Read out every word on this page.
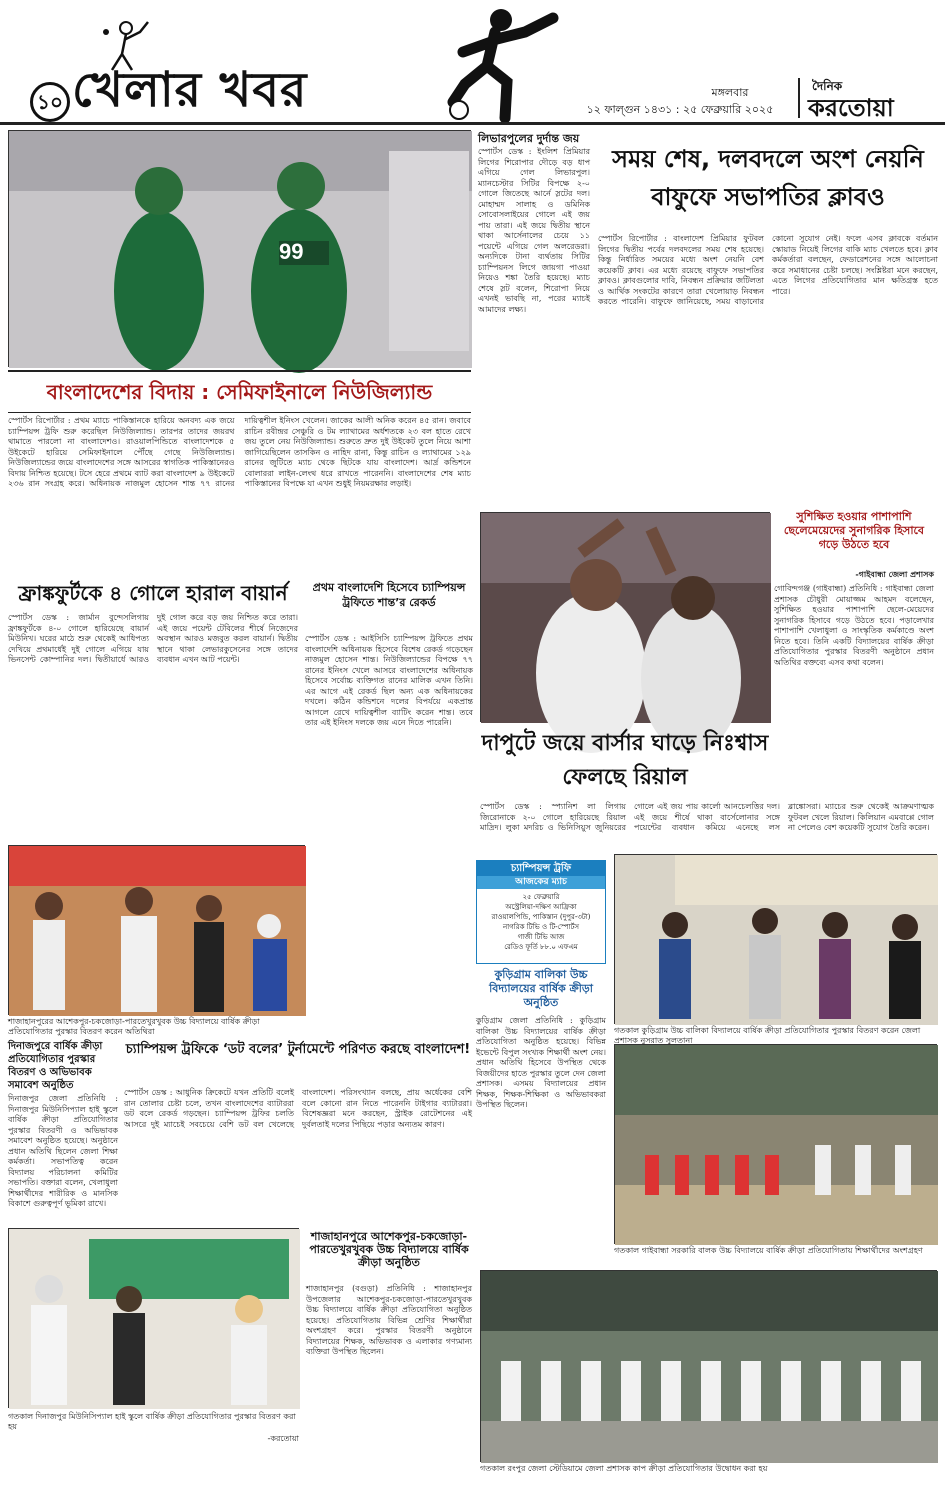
১০ খেলার খবর	মঙ্গলবার
১২ ফাল্গুন ১৪৩১ : ২৫ ফেব্রুয়ারি ২০২৫
দৈনিক
করতোয়া
99
বাংলাদেশের বিদায় : সেমিফাইনালে নিউজিল্যান্ড
স্পোর্টস রিপোর্টার : প্রথম ম্যাচে পাকিস্তানকে হারিয়ে অনবদ্য এক জয়ে চ্যাম্পিয়ন্স ট্রফি শুরু করেছিল নিউজিল্যান্ড। তারপর তাদের জয়রথ থামাতে পারলো না বাংলাদেশও। রাওয়ালপিন্ডিতে বাংলাদেশকে ৫ উইকেটে হারিয়ে সেমিফাইনালে পৌঁছে গেছে নিউজিল্যান্ড। নিউজিল্যান্ডের জয়ে বাংলাদেশের সঙ্গে আসরের স্বাগতিক পাকিস্তানেরও বিদায় নিশ্চিত হয়েছে। টসে হেরে প্রথমে ব্যাট করা বাংলাদেশ ৯ উইকেটে ২৩৬ রান সংগ্রহ করে। অধিনায়ক নাজমুল হোসেন শান্ত ৭৭ রানের দায়িত্বশীল ইনিংস খেলেন। জাকের আলী অনিক করেন ৪৫ রান। জবাবে রাচিন রবীন্দ্রর সেঞ্চুরি ও টম ল্যাথামের অর্ধশতকে ২৩ বল হাতে রেখে জয় তুলে নেয় নিউজিল্যান্ড। শুরুতে দ্রুত দুই উইকেট তুলে নিয়ে আশা জাগিয়েছিলেন তাসকিন ও নাহিদ রানা, কিন্তু রাচিন ও ল্যাথামের ১২৯ রানের জুটিতে ম্যাচ থেকে ছিটকে যায় বাংলাদেশ। আর্দ্র কন্ডিশনে বোলাররা লাইন-লেংথ ধরে রাখতে পারেননি। বাংলাদেশের শেষ ম্যাচ পাকিস্তানের বিপক্ষে যা এখন শুধুই নিয়মরক্ষার লড়াই।
লিভারপুলের দুর্দান্ত জয়
স্পোর্টস ডেস্ক : ইংলিশ প্রিমিয়ার লিগের শিরোপার দৌড়ে বড় ধাপ এগিয়ে গেল লিভারপুল। ম্যানচেস্টার সিটির বিপক্ষে ২-০ গোলে জিতেছে আর্নে স্লটের দল। মোহাম্মদ সালাহ ও ডমিনিক সোবোসলাইয়ের গোলে এই জয় পায় তারা। এই জয়ে দ্বিতীয় স্থানে থাকা আর্সেনালের চেয়ে ১১ পয়েন্টে এগিয়ে গেল অলরেডরা। অন্যদিকে টানা ব্যর্থতায় সিটির চ্যাম্পিয়নস লিগে জায়গা পাওয়া নিয়েও শঙ্কা তৈরি হয়েছে। ম্যাচ শেষে স্লট বলেন, শিরোপা নিয়ে এখনই ভাবছি না, পরের ম্যাচই আমাদের লক্ষ্য।
সময় শেষ, দলবদলে অংশ নেয়নি বাফুফে সভাপতির ক্লাবও
স্পোর্টস রিপোর্টার : বাংলাদেশ প্রিমিয়ার ফুটবল লিগের দ্বিতীয় পর্বের দলবদলের সময় শেষ হয়েছে। কিন্তু নির্ধারিত সময়ের মধ্যে অংশ নেয়নি বেশ কয়েকটি ক্লাব। এর মধ্যে রয়েছে বাফুফে সভাপতির ক্লাবও। ক্লাবগুলোর দাবি, নিবন্ধন প্রক্রিয়ার জটিলতা ও আর্থিক সংকটের কারণে তারা খেলোয়াড় নিবন্ধন করতে পারেনি। বাফুফে জানিয়েছে, সময় বাড়ানোর কোনো সুযোগ নেই। ফলে এসব ক্লাবকে বর্তমান স্কোয়াড নিয়েই লিগের বাকি ম্যাচ খেলতে হবে। ক্লাব কর্মকর্তারা বলছেন, ফেডারেশনের সঙ্গে আলোচনা করে সমাধানের চেষ্টা চলছে। সংশ্লিষ্টরা মনে করছেন, এতে লিগের প্রতিযোগিতার মান ক্ষতিগ্রস্ত হতে পারে।
সুশিক্ষিত হওয়ার পাশাপাশি ছেলেমেয়েদের সুনাগরিক হিসাবে গড়ে উঠতে হবে
-গাইবান্ধা জেলা প্রশাসক
গোবিন্দগঞ্জ (গাইবান্ধা) প্রতিনিধি : গাইবান্ধা জেলা প্রশাসক চৌধুরী মোয়াজ্জম আহমদ বলেছেন, সুশিক্ষিত হওয়ার পাশাপাশি ছেলে-মেয়েদের সুনাগরিক হিসাবে গড়ে উঠতে হবে। পড়ালেখার পাশাপাশি খেলাধুলা ও সাংস্কৃতিক কর্মকাণ্ডে অংশ নিতে হবে। তিনি একটি বিদ্যালয়ের বার্ষিক ক্রীড়া প্রতিযোগিতার পুরস্কার বিতরণী অনুষ্ঠানে প্রধান অতিথির বক্তব্যে এসব কথা বলেন।
ফ্রাঙ্কফুর্টকে ৪ গোলে হারাল বায়ার্ন
স্পোর্টস ডেস্ক : জার্মান বুন্দেসলিগায় ফ্রাঙ্কফুর্টকে ৪-০ গোলে হারিয়েছে বায়ার্ন মিউনিখ। ঘরের মাঠে শুরু থেকেই আধিপত্য দেখিয়ে প্রথমার্ধেই দুই গোলে এগিয়ে যায় ভিনসেন্ট কোম্পানির দল। দ্বিতীয়ার্ধে আরও দুই গোল করে বড় জয় নিশ্চিত করে তারা। এই জয়ে পয়েন্ট টেবিলের শীর্ষে নিজেদের অবস্থান আরও মজবুত করল বায়ার্ন। দ্বিতীয় স্থানে থাকা লেভারকুসেনের সঙ্গে তাদের ব্যবধান এখন আট পয়েন্ট।
প্রথম বাংলাদেশি হিসেবে চ্যাম্পিয়ন্স ট্রফিতে শান্ত’র রেকর্ড
স্পোর্টস ডেস্ক : আইসিসি চ্যাম্পিয়ন্স ট্রফিতে প্রথম বাংলাদেশি অধিনায়ক হিসেবে বিশেষ রেকর্ড গড়েছেন নাজমুল হোসেন শান্ত। নিউজিল্যান্ডের বিপক্ষে ৭৭ রানের ইনিংস খেলে আসরে বাংলাদেশের অধিনায়ক হিসেবে সর্বোচ্চ ব্যক্তিগত রানের মালিক এখন তিনি। এর আগে এই রেকর্ড ছিল অন্য এক অধিনায়কের দখলে। কঠিন কন্ডিশনে দলের বিপর্যয়ে একপ্রান্ত আগলে রেখে দায়িত্বশীল ব্যাটিং করেন শান্ত। তবে তার এই ইনিংস দলকে জয় এনে দিতে পারেনি।
দাপুটে জয়ে বার্সার ঘাড়ে নিঃশ্বাস ফেলছে রিয়াল
স্পোর্টস ডেস্ক : স্প্যানিশ লা লিগায় জিরোনাকে ২-০ গোলে হারিয়েছে রিয়াল মাদ্রিদ। লুকা মদরিচ ও ভিনিসিয়ুস জুনিয়রের গোলে এই জয় পায় কার্লো আনচেলত্তির দল। এই জয়ে শীর্ষে থাকা বার্সেলোনার সঙ্গে পয়েন্টের ব্যবধান কমিয়ে এনেছে লস ব্লাঙ্কোসরা। ম্যাচের শুরু থেকেই আক্রমণাত্মক ফুটবল খেলে রিয়াল। কিলিয়ান এমবাপ্পে গোল না পেলেও বেশ কয়েকটি সুযোগ তৈরি করেন।
চ্যাম্পিয়ন্স ট্রফি
আজকের ম্যাচ
২৫ ফেব্রুয়ারি
অস্ট্রেলিয়া-দক্ষিণ আফ্রিকা
রাওয়ালপিন্ডি, পাকিস্তান (দুপুর-৩টা)
নাগরিক টিভি ও টি-স্পোর্টস
গাজী টিভি আজ
রেডিও ফূর্তি ৮৮.০ এফএম
শাজাহানপুরের আশেকপুর-চকজোড়া-পারতেখুরখুবক উচ্চ বিদ্যালয়ে বার্ষিক ক্রীড়া প্রতিযোগিতার পুরস্কার বিতরণ করেন অতিথিরা	গতকাল কুড়িগ্রাম উচ্চ বালিকা বিদ্যালয়ে বার্ষিক ক্রীড়া প্রতিযোগিতার পুরস্কার বিতরণ করেন জেলা প্রশাসক নুসরাত সুলতানা
দিনাজপুরে বার্ষিক ক্রীড়া প্রতিযোগিতার পুরস্কার বিতরণ ও অভিভাবক সমাবেশ অনুষ্ঠিত
দিনাজপুর জেলা প্রতিনিধি : দিনাজপুর মিউনিসিপ্যাল হাই স্কুলে বার্ষিক ক্রীড়া প্রতিযোগিতার পুরস্কার বিতরণী ও অভিভাবক সমাবেশ অনুষ্ঠিত হয়েছে। অনুষ্ঠানে প্রধান অতিথি ছিলেন জেলা শিক্ষা কর্মকর্তা। সভাপতিত্ব করেন বিদ্যালয় পরিচালনা কমিটির সভাপতি। বক্তারা বলেন, খেলাধুলা শিক্ষার্থীদের শারীরিক ও মানসিক বিকাশে গুরুত্বপূর্ণ ভূমিকা রাখে।
চ্যাম্পিয়ন্স ট্রফিকে ‘ডট বলের’ টুর্নামেন্টে পরিণত করছে বাংলাদেশ!
স্পোর্টস ডেস্ক : আধুনিক ক্রিকেটে যখন প্রতিটি বলেই রান তোলার চেষ্টা চলে, তখন বাংলাদেশের ব্যাটাররা ডট বলে রেকর্ড গড়ছেন। চ্যাম্পিয়ন্স ট্রফির চলতি আসরে দুই ম্যাচেই সবচেয়ে বেশি ডট বল খেলেছে বাংলাদেশ। পরিসংখ্যান বলছে, প্রায় অর্ধেকের বেশি বলে কোনো রান নিতে পারেননি টাইগার ব্যাটাররা। বিশেষজ্ঞরা মনে করছেন, স্ট্রাইক রোটেশনের এই দুর্বলতাই দলের পিছিয়ে পড়ার অন্যতম কারণ।
কুড়িগ্রাম বালিকা উচ্চ বিদ্যালয়ের বার্ষিক ক্রীড়া অনুষ্ঠিত
কুড়িগ্রাম জেলা প্রতিনিধি : কুড়িগ্রাম বালিকা উচ্চ বিদ্যালয়ের বার্ষিক ক্রীড়া প্রতিযোগিতা অনুষ্ঠিত হয়েছে। বিভিন্ন ইভেন্টে বিপুল সংখ্যক শিক্ষার্থী অংশ নেয়। প্রধান অতিথি হিসেবে উপস্থিত থেকে বিজয়ীদের হাতে পুরস্কার তুলে দেন জেলা প্রশাসক। এসময় বিদ্যালয়ের প্রধান শিক্ষক, শিক্ষক-শিক্ষিকা ও অভিভাবকরা উপস্থিত ছিলেন।
গতকাল গাইবান্ধা সরকারি বালক উচ্চ বিদ্যালয়ে বার্ষিক ক্রীড়া প্রতিযোগিতায় শিক্ষার্থীদের অংশগ্রহণ
গতকাল দিনাজপুর মিউনিসিপ্যাল হাই স্কুলে বার্ষিক ক্রীড়া প্রতিযোগিতার পুরস্কার বিতরণ করা হয়
-করতোয়া
শাজাহানপুরে আশেকপুর-চকজোড়া-পারতেখুরখুবক উচ্চ বিদ্যালয়ে বার্ষিক ক্রীড়া অনুষ্ঠিত
শাজাহানপুর (বগুড়া) প্রতিনিধি : শাজাহানপুর উপজেলার আশেকপুর-চকজোড়া-পারতেখুরখুবক উচ্চ বিদ্যালয়ে বার্ষিক ক্রীড়া প্রতিযোগিতা অনুষ্ঠিত হয়েছে। প্রতিযোগিতায় বিভিন্ন শ্রেণির শিক্ষার্থীরা অংশগ্রহণ করে। পুরস্কার বিতরণী অনুষ্ঠানে বিদ্যালয়ের শিক্ষক, অভিভাবক ও এলাকার গণ্যমান্য ব্যক্তিরা উপস্থিত ছিলেন।
গতকাল রংপুর জেলা স্টেডিয়ামে জেলা প্রশাসক কাপ ক্রীড়া প্রতিযোগিতার উদ্বোধন করা হয়
